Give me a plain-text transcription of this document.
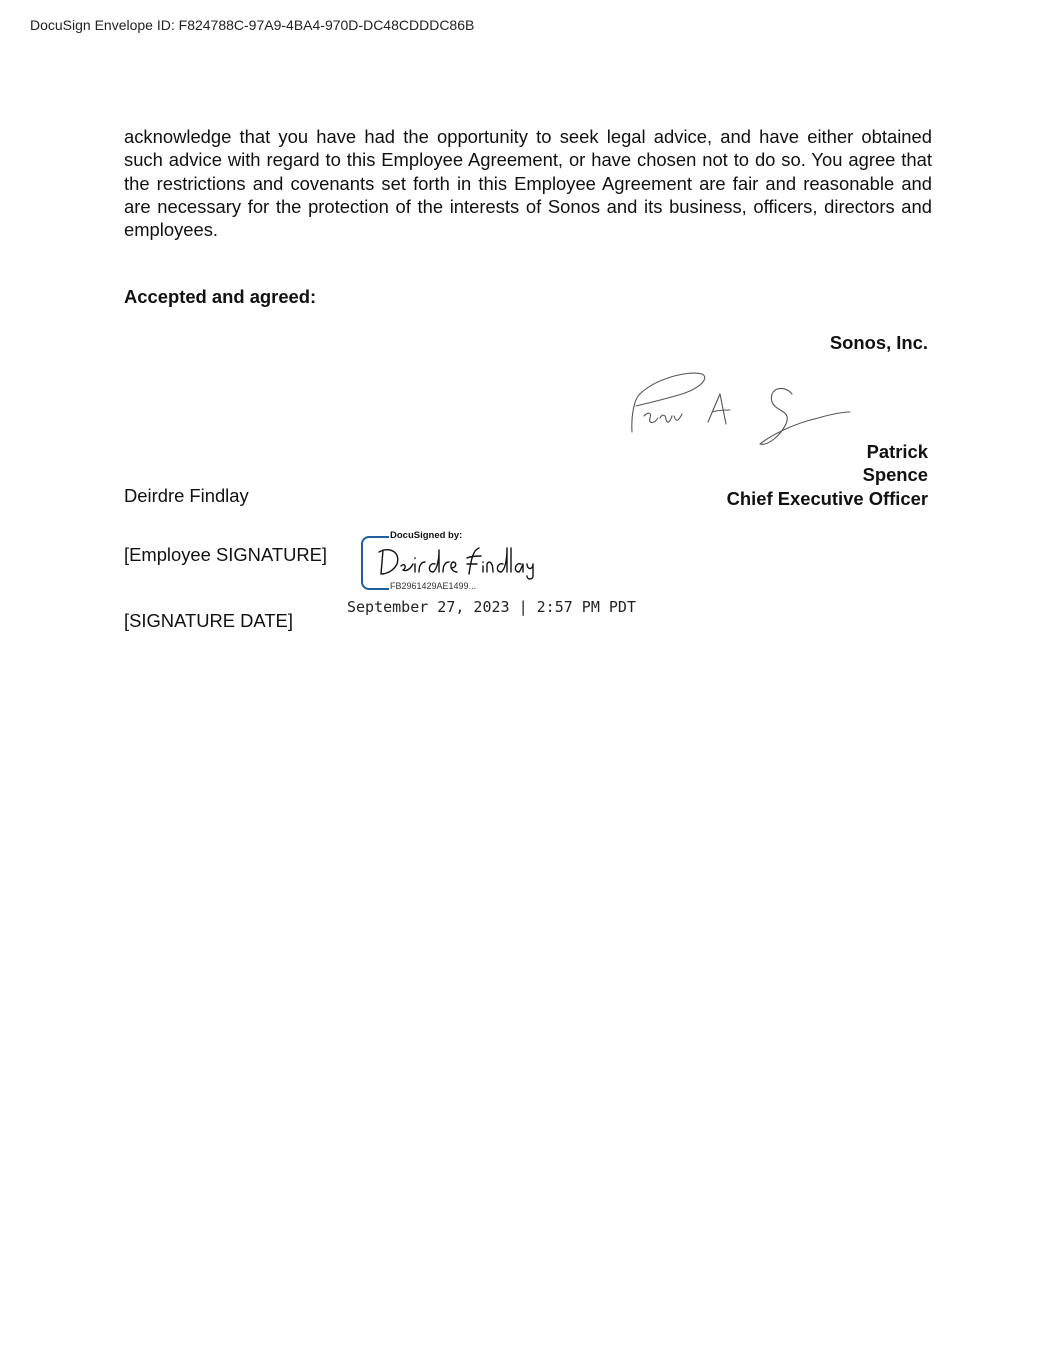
DocuSign Envelope ID: F824788C-97A9-4BA4-970D-DC48CDDDC86B

acknowledge that you have had the opportunity to seek legal advice, and have either obtained such advice with regard to this Employee Agreement, or have chosen not to do so. You agree that the restrictions and covenants set forth in this Employee Agreement are fair and reasonable and are necessary for the protection of the interests of Sonos and its business, officers, directors and employees.

Accepted and agreed:
Sonos, Inc.
Patrick
Spence
Chief Executive Officer
Deirdre Findlay
[Employee SIGNATURE]
DocuSigned by:
FB2961429AE1499...
September 27, 2023 | 2:57 PM PDT
[SIGNATURE DATE]
